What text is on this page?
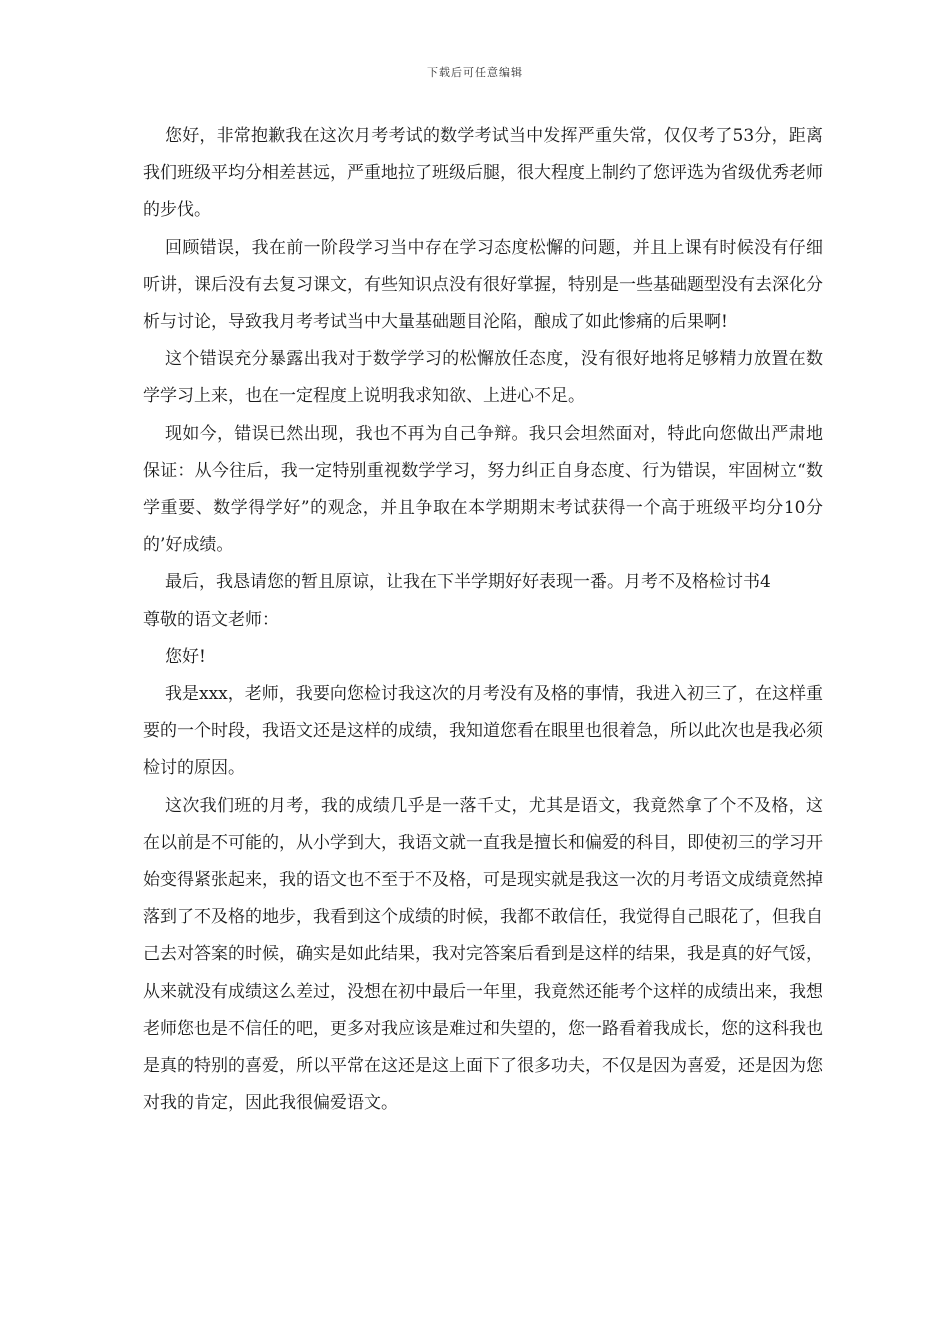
下载后可任意编辑

您好，非常抱歉我在这次月考考试的数学考试当中发挥严重失常，仅仅考了53分，距离我们班级平均分相差甚远，严重地拉了班级后腿，很大程度上制约了您评选为省级优秀老师的步伐。

回顾错误，我在前一阶段学习当中存在学习态度松懈的问题，并且上课有时候没有仔细听讲，课后没有去复习课文，有些知识点没有很好掌握，特别是一些基础题型没有去深化分析与讨论，导致我月考考试当中大量基础题目沦陷，酿成了如此惨痛的后果啊!

这个错误充分暴露出我对于数学学习的松懈放任态度，没有很好地将足够精力放置在数学学习上来，也在一定程度上说明我求知欲、上进心不足。

现如今，错误已然出现，我也不再为自己争辩。我只会坦然面对，特此向您做出严肃地保证：从今往后，我一定特别重视数学学习，努力纠正自身态度、行为错误，牢固树立“数学重要、数学得学好”的观念，并且争取在本学期期末考试获得一个高于班级平均分10分的’好成绩。

最后，我恳请您的暂且原谅，让我在下半学期好好表现一番。月考不及格检讨书4

尊敬的语文老师：

您好!

我是xxx，老师，我要向您检讨我这次的月考没有及格的事情，我进入初三了，在这样重要的一个时段，我语文还是这样的成绩，我知道您看在眼里也很着急，所以此次也是我必须检讨的原因。

这次我们班的月考，我的成绩几乎是一落千丈，尤其是语文，我竟然拿了个不及格，这在以前是不可能的，从小学到大，我语文就一直我是擅长和偏爱的科目，即使初三的学习开始变得紧张起来，我的语文也不至于不及格，可是现实就是我这一次的月考语文成绩竟然掉落到了不及格的地步，我看到这个成绩的时候，我都不敢信任，我觉得自己眼花了，但我自己去对答案的时候，确实是如此结果，我对完答案后看到是这样的结果，我是真的好气馁，从来就没有成绩这么差过，没想在初中最后一年里，我竟然还能考个这样的成绩出来，我想老师您也是不信任的吧，更多对我应该是难过和失望的，您一路看着我成长，您的这科我也是真的特别的喜爱，所以平常在这还是这上面下了很多功夫，不仅是因为喜爱，还是因为您对我的肯定，因此我很偏爱语文。
